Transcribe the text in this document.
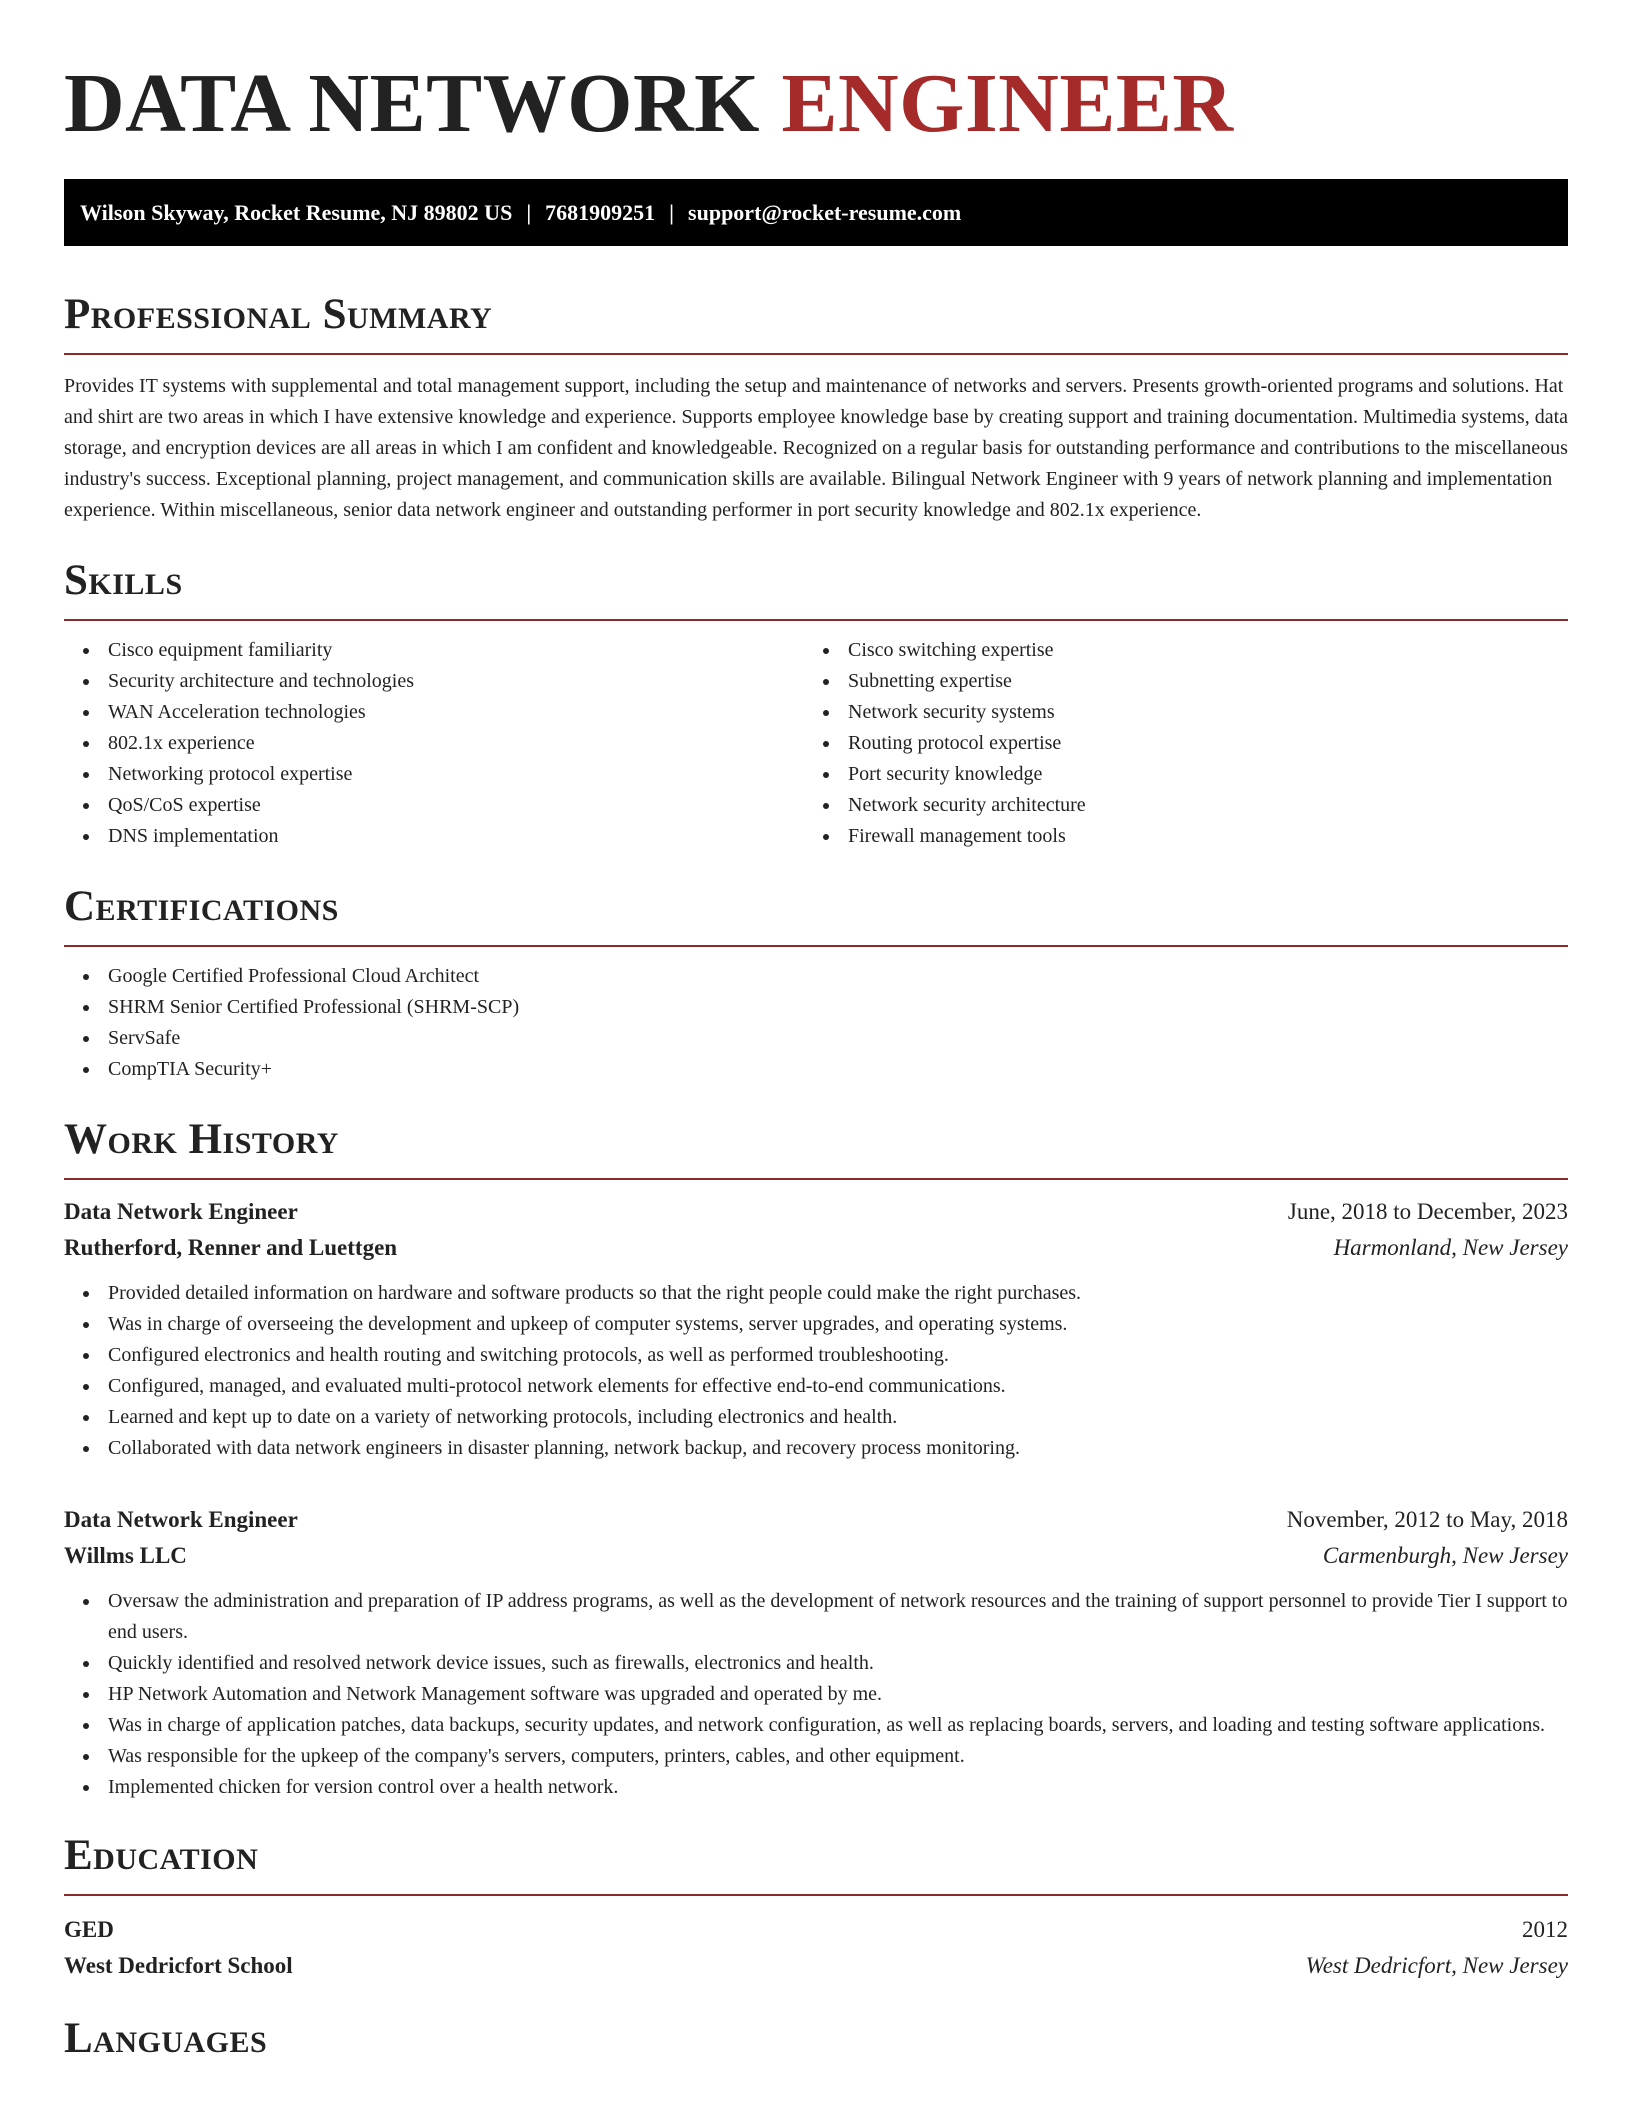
DATA NETWORK ENGINEER
Wilson Skyway, Rocket Resume, NJ 89802 US | 7681909251 | support@rocket-resume.com
Professional Summary

Provides IT systems with supplemental and total management support, including the setup and maintenance of networks and servers. Presents growth-oriented programs and solutions. Hat and shirt are two areas in which I have extensive knowledge and experience. Supports employee knowledge base by creating support and training documentation. Multimedia systems, data storage, and encryption devices are all areas in which I am confident and knowledgeable. Recognized on a regular basis for outstanding performance and contributions to the miscellaneous industry's success. Exceptional planning, project management, and communication skills are available. Bilingual Network Engineer with 9 years of network planning and implementation experience. Within miscellaneous, senior data network engineer and outstanding performer in port security knowledge and 802.1x experience.

Skills
Cisco equipment familiarity
Security architecture and technologies
WAN Acceleration technologies
802.1x experience
Networking protocol expertise
QoS/CoS expertise
DNS implementation
Cisco switching expertise
Subnetting expertise
Network security systems
Routing protocol expertise
Port security knowledge
Network security architecture
Firewall management tools
Certifications
Google Certified Professional Cloud Architect
SHRM Senior Certified Professional (SHRM-SCP)
ServSafe
CompTIA Security+
Work History
Data Network Engineer	June, 2018 to December, 2023
Rutherford, Renner and Luettgen	Harmonland, New Jersey
Provided detailed information on hardware and software products so that the right people could make the right purchases.
Was in charge of overseeing the development and upkeep of computer systems, server upgrades, and operating systems.
Configured electronics and health routing and switching protocols, as well as performed troubleshooting.
Configured, managed, and evaluated multi-protocol network elements for effective end-to-end communications.
Learned and kept up to date on a variety of networking protocols, including electronics and health.
Collaborated with data network engineers in disaster planning, network backup, and recovery process monitoring.
Data Network Engineer	November, 2012 to May, 2018
Willms LLC	Carmenburgh, New Jersey
Oversaw the administration and preparation of IP address programs, as well as the development of network resources and the training of support personnel to provide Tier I support to end users.
Quickly identified and resolved network device issues, such as firewalls, electronics and health.
HP Network Automation and Network Management software was upgraded and operated by me.
Was in charge of application patches, data backups, security updates, and network configuration, as well as replacing boards, servers, and loading and testing software applications.
Was responsible for the upkeep of the company's servers, computers, printers, cables, and other equipment.
Implemented chicken for version control over a health network.
Education
GED	2012
West Dedricfort School	West Dedricfort, New Jersey
Languages
